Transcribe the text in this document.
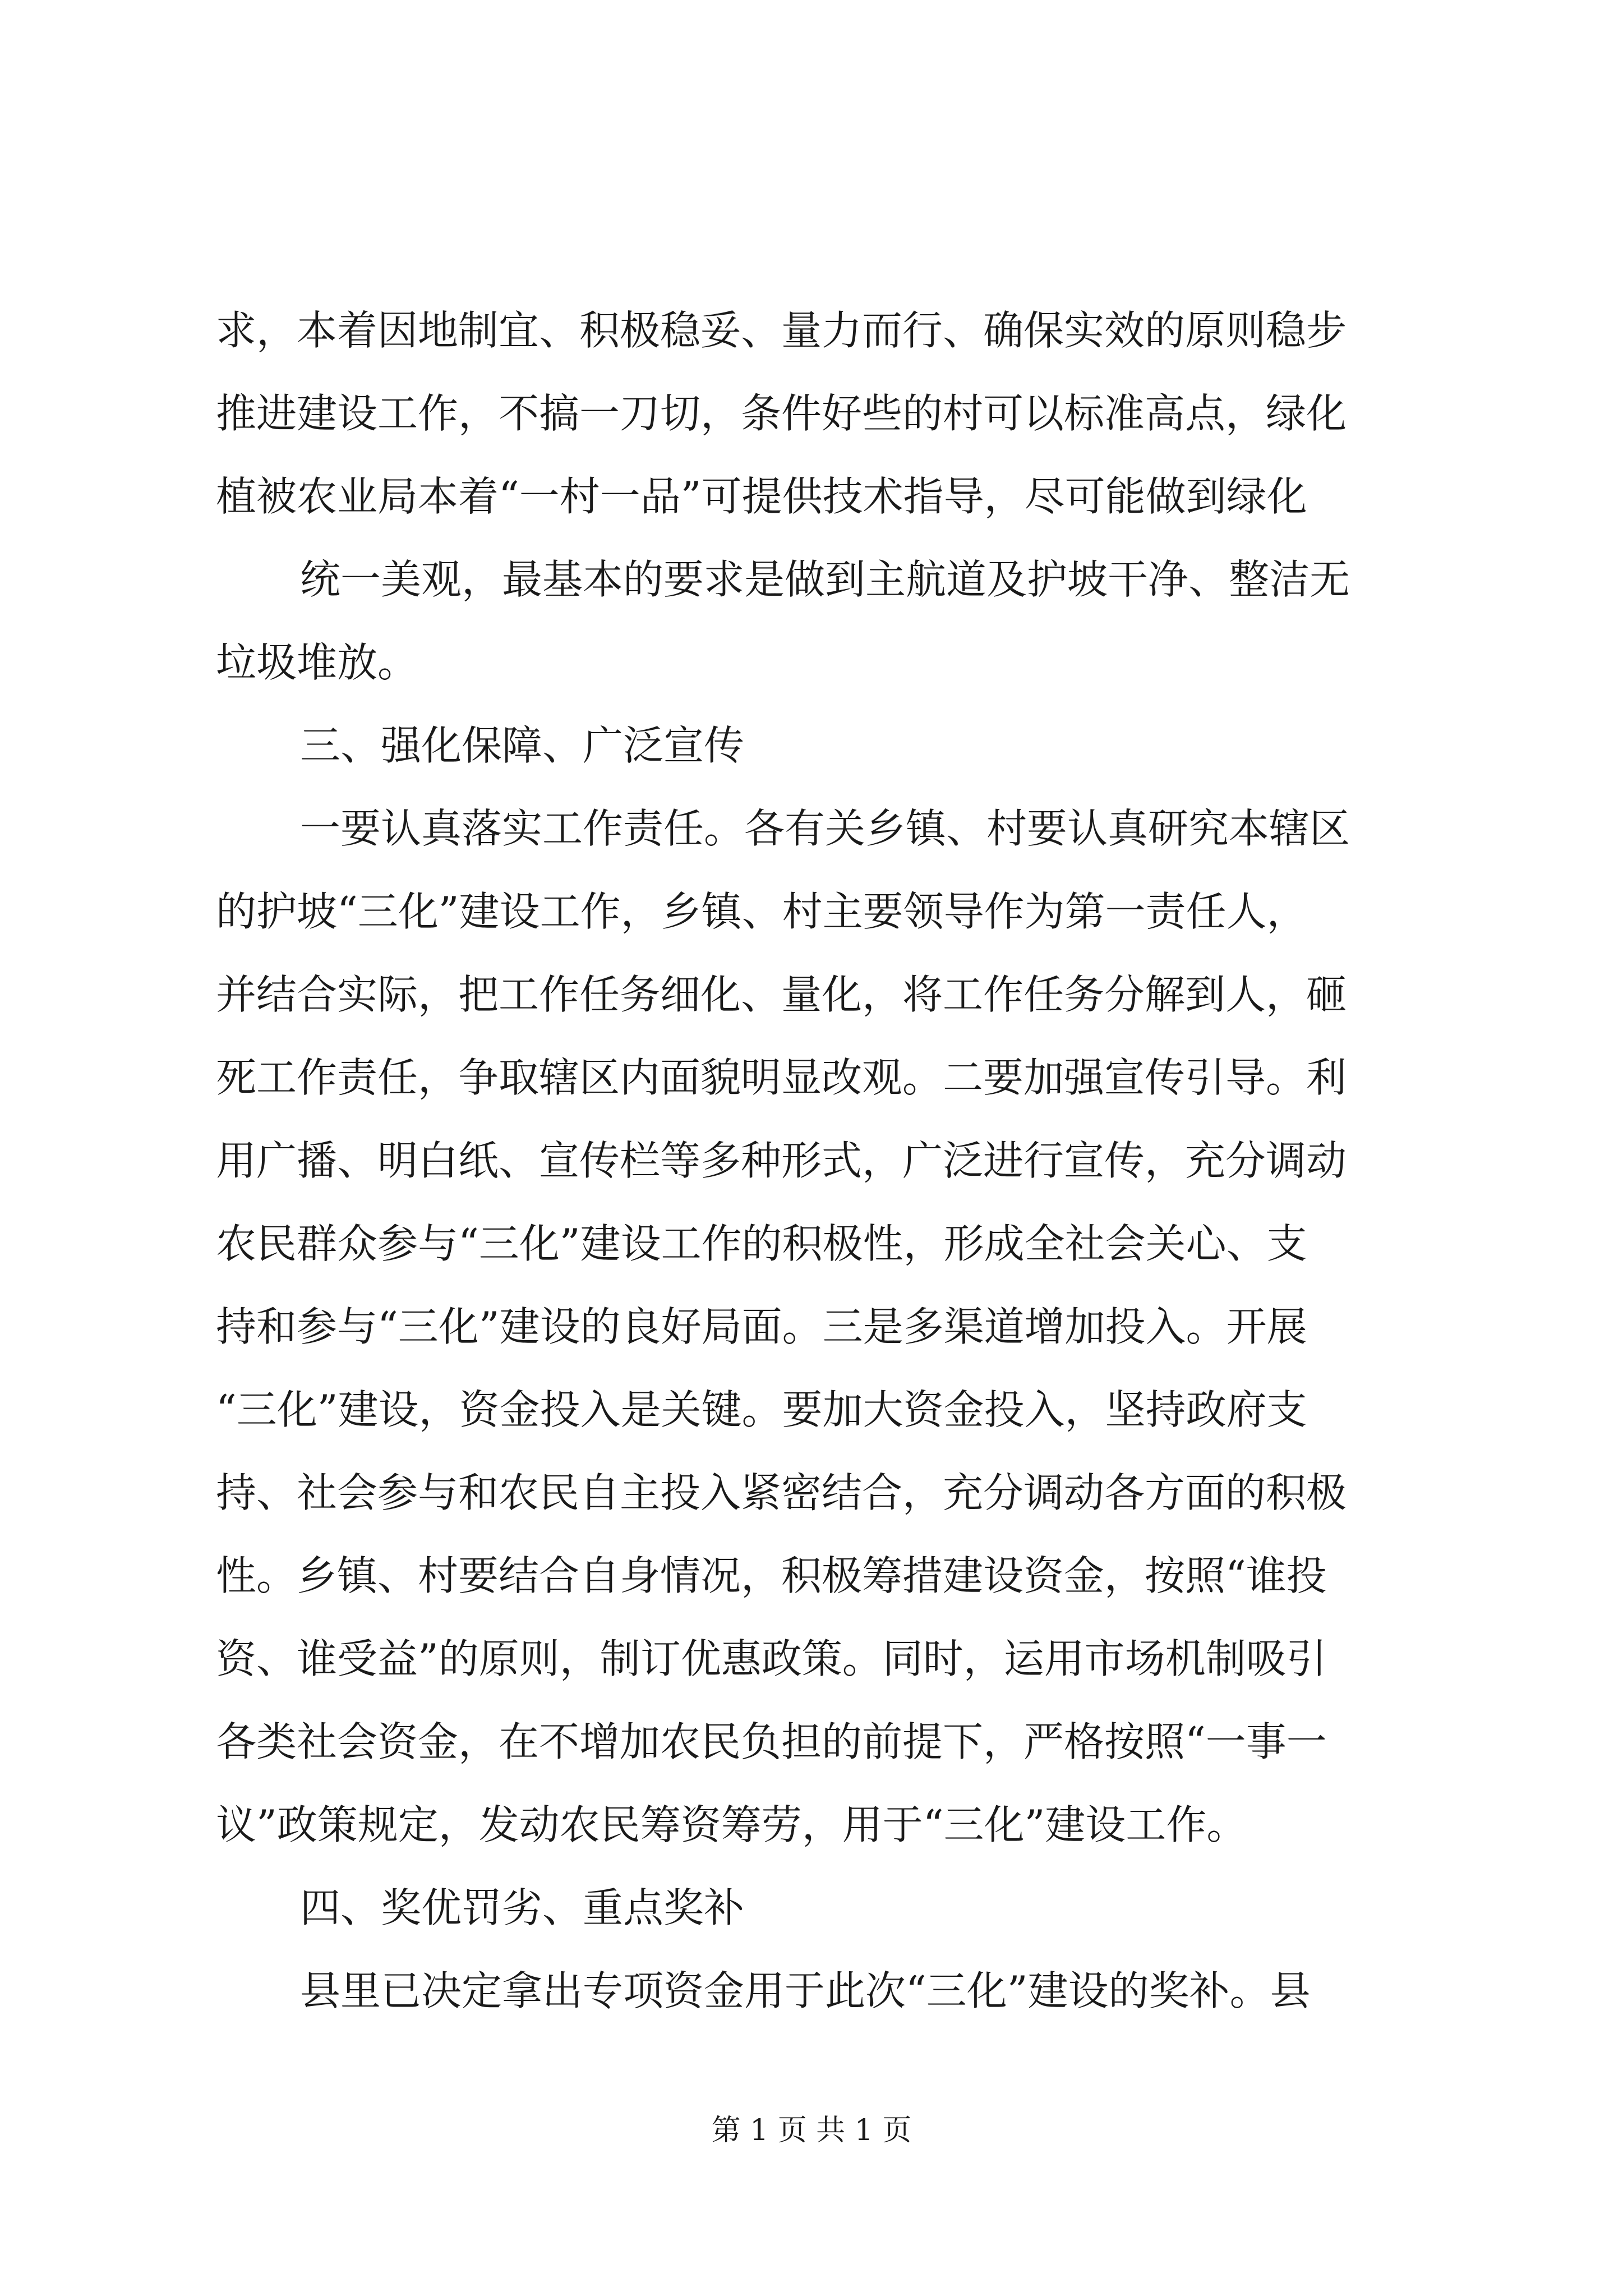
求，本着因地制宜、积极稳妥、量力而行、确保实效的原则稳步
推进建设工作，不搞一刀切，条件好些的村可以标准高点，绿化
植被农业局本着“一村一品”可提供技术指导，尽可能做到绿化
统一美观，最基本的要求是做到主航道及护坡干净、整洁无
垃圾堆放。
三、强化保障、广泛宣传
一要认真落实工作责任。各有关乡镇、村要认真研究本辖区
的护坡“三化”建设工作，乡镇、村主要领导作为第一责任人，
并结合实际，把工作任务细化、量化，将工作任务分解到人，砸
死工作责任，争取辖区内面貌明显改观。二要加强宣传引导。利
用广播、明白纸、宣传栏等多种形式，广泛进行宣传，充分调动
农民群众参与“三化”建设工作的积极性，形成全社会关心、支
持和参与“三化”建设的良好局面。三是多渠道增加投入。开展
“三化”建设，资金投入是关键。要加大资金投入，坚持政府支
持、社会参与和农民自主投入紧密结合，充分调动各方面的积极
性。乡镇、村要结合自身情况，积极筹措建设资金，按照“谁投
资、谁受益”的原则，制订优惠政策。同时，运用市场机制吸引
各类社会资金，在不增加农民负担的前提下，严格按照“一事一
议”政策规定，发动农民筹资筹劳，用于“三化”建设工作。
四、奖优罚劣、重点奖补
县里已决定拿出专项资金用于此次“三化”建设的奖补。县
第 1 页 共 1 页
